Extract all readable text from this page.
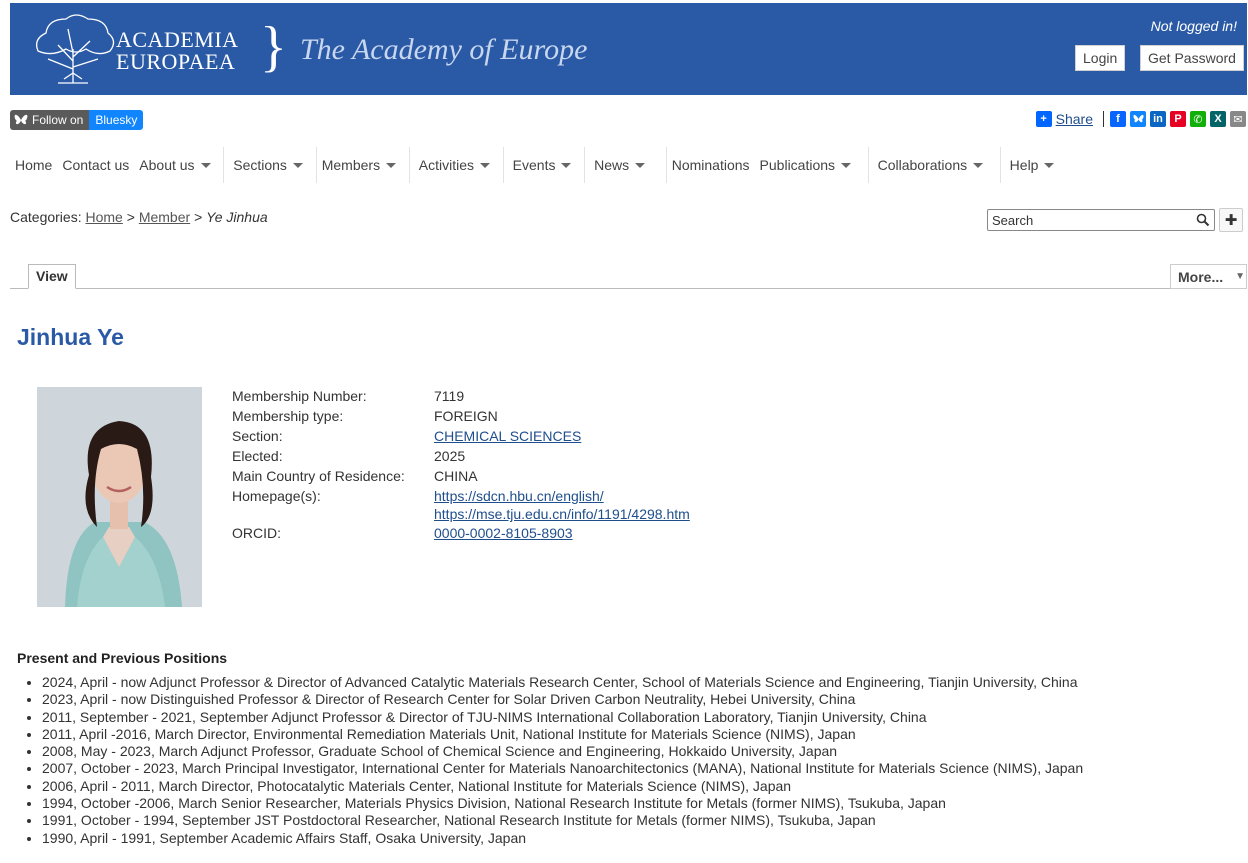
ACADEMIA
EUROPAEA } The Academy of Europe
Not logged in!
Login	Get Password
Follow on	Bluesky	+ Share	f	in	P	✆	X	✉
Home Contact us About us

	Sections
Members

	Activities

	Events

	News
	Nominations Publications

	Collaborations

	Help
Categories: Home > Member > Ye Jinhua
Search	✚
View	More... ▼
Jinhua Ye
Membership Number:	7119
Membership type:	FOREIGN
Section:	CHEMICAL SCIENCES
Elected:	2025
Main Country of Residence:	CHINA
Homepage(s):	https://sdcn.hbu.cn/english/
https://mse.tju.edu.cn/info/1191/4298.htm
ORCID:	0000-0002-8105-8903
Present and Previous Positions
• 2024, April - now Adjunct Professor & Director of Advanced Catalytic Materials Research Center, School of Materials Science and Engineering, Tianjin University, China
• 2023, April - now Distinguished Professor & Director of Research Center for Solar Driven Carbon Neutrality, Hebei University, China
• 2011, September - 2021, September Adjunct Professor & Director of TJU-NIMS International Collaboration Laboratory, Tianjin University, China
• 2011, April -2016, March Director, Environmental Remediation Materials Unit, National Institute for Materials Science (NIMS), Japan
• 2008, May - 2023, March Adjunct Professor, Graduate School of Chemical Science and Engineering, Hokkaido University, Japan
• 2007, October - 2023, March Principal Investigator, International Center for Materials Nanoarchitectonics (MANA), National Institute for Materials Science (NIMS), Japan
• 2006, April - 2011, March Director, Photocatalytic Materials Center, National Institute for Materials Science (NIMS), Japan
• 1994, October -2006, March Senior Researcher, Materials Physics Division, National Research Institute for Metals (former NIMS), Tsukuba, Japan
• 1991, October - 1994, September JST Postdoctoral Researcher, National Research Institute for Metals (former NIMS), Tsukuba, Japan
• 1990, April - 1991, September Academic Affairs Staff, Osaka University, Japan
